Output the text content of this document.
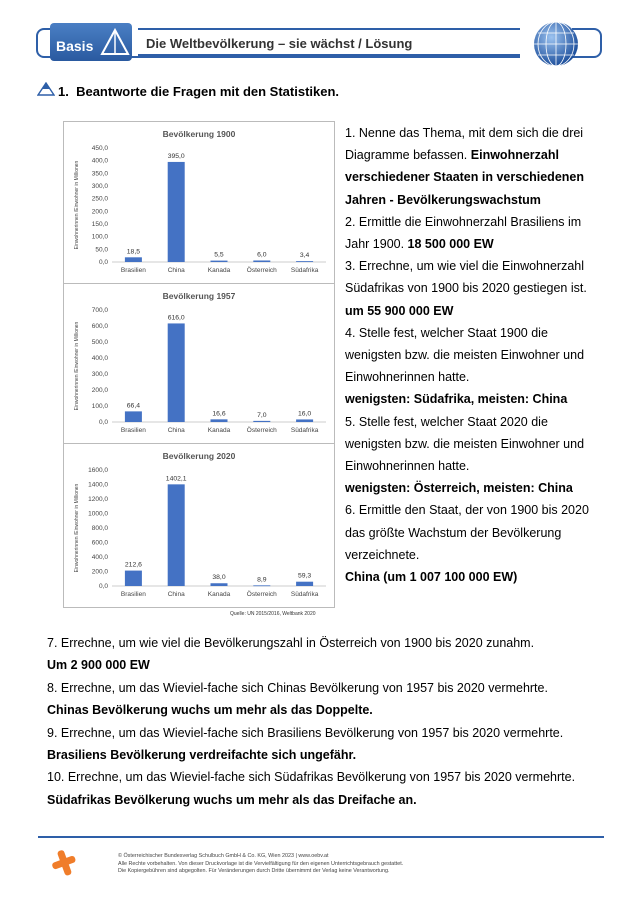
Basis	Die Weltbevölkerung – sie wächst / Lösung
1. Beantworte die Fragen mit den Statistiken.
Bevölkerung 1900
Einwohnerinnen /Einwohner in Millionen
0,0
50,0
100,0
150,0
200,0
250,0
300,0
350,0
400,0
450,0
18,5
Brasilien
395,0
China
5,5
Kanada
6,0
Österreich
3,4
Südafrika
Bevölkerung 1957
Einwohnerinnen /Einwohner in Millionen
0,0
100,0
200,0
300,0
400,0
500,0
600,0
700,0
66,4
Brasilien
616,0
China
16,6
Kanada
7,0
Österreich
16,0
Südafrika
Bevölkerung 2020
Einwohnerinnen /Einwohner in Millionen
0,0
200,0
400,0
600,0
800,0
1000,0
1200,0
1400,0
1600,0
212,6
Brasilien
1402,1
China
38,0
Kanada
8,9
Österreich
59,3
Südafrika
Quelle: UN 2015/2016, Weltbank 2020
1. Nenne das Thema, mit dem sich die drei Diagramme befassen. Einwohnerzahl verschiedener Staaten in verschiedenen Jahren - Bevölkerungswachstum
2. Ermittle die Einwohnerzahl Brasiliens im Jahr 1900. 18 500 000 EW
3. Errechne, um wie viel die Einwohnerzahl Südafrikas von 1900 bis 2020 gestiegen ist.
um 55 900 000 EW
4. Stelle fest, welcher Staat 1900 die wenigsten bzw. die meisten Einwohner und Einwohnerinnen hatte.
wenigsten: Südafrika, meisten: China
5. Stelle fest, welcher Staat 2020 die wenigsten bzw. die meisten Einwohner und Einwohnerinnen hatte.
wenigsten: Österreich, meisten: China
6. Ermittle den Staat, der von 1900 bis 2020 das größte Wachstum der Bevölkerung verzeichnete.
China (um 1 007 100 000 EW)
7. Errechne, um wie viel die Bevölkerungszahl in Österreich von 1900 bis 2020 zunahm.
Um 2 900 000 EW
8. Errechne, um das Wieviel-fache sich Chinas Bevölkerung von 1957 bis 2020 vermehrte.
Chinas Bevölkerung wuchs um mehr als das Doppelte.
9. Errechne, um das Wieviel-fache sich Brasiliens Bevölkerung von 1957 bis 2020 vermehrte.
Brasiliens Bevölkerung verdreifachte sich ungefähr.
10. Errechne, um das Wieviel-fache sich Südafrikas Bevölkerung von 1957 bis 2020 vermehrte.
Südafrikas Bevölkerung wuchs um mehr als das Dreifache an.
© Österreichischer Bundesverlag Schulbuch GmbH & Co. KG, Wien 2023 | www.oebv.at
Alle Rechte vorbehalten. Von dieser Druckvorlage ist die Vervielfältigung für den eigenen Unterrichtsgebrauch gestattet.
Die Kopiergebühren sind abgegolten. Für Veränderungen durch Dritte übernimmt der Verlag keine Verantwortung.
